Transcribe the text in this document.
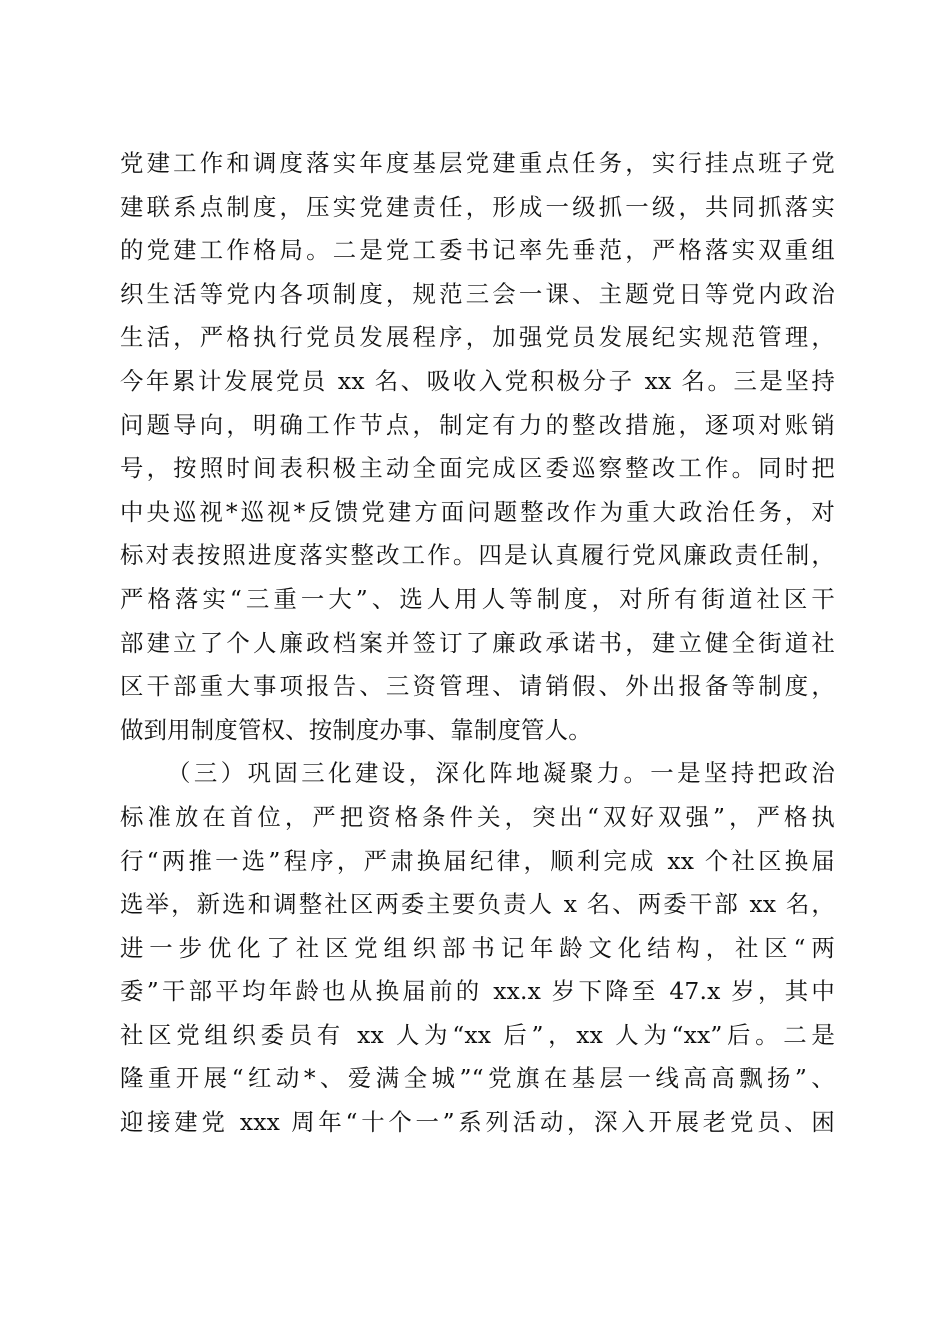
党建工作和调度落实年度基层党建重点任务，实行挂点班子党
建联系点制度，压实党建责任，形成一级抓一级，共同抓落实
的党建工作格局。二是党工委书记率先垂范，严格落实双重组
织生活等党内各项制度，规范三会一课、主题党日等党内政治
生活，严格执行党员发展程序，加强党员发展纪实规范管理，
今年累计发展党员 xx 名、吸收入党积极分子 xx 名。三是坚持
问题导向，明确工作节点，制定有力的整改措施，逐项对账销
号，按照时间表积极主动全面完成区委巡察整改工作。同时把
中央巡视*巡视*反馈党建方面问题整改作为重大政治任务，对
标对表按照进度落实整改工作。四是认真履行党风廉政责任制，
严格落实“三重一大”、选人用人等制度，对所有街道社区干
部建立了个人廉政档案并签订了廉政承诺书，建立健全街道社
区干部重大事项报告、三资管理、请销假、外出报备等制度，
做到用制度管权、按制度办事、靠制度管人。
（三）巩固三化建设，深化阵地凝聚力。一是坚持把政治
标准放在首位，严把资格条件关，突出“双好双强”，严格执
行“两推一选”程序，严肃换届纪律，顺利完成 xx 个社区换届
选举，新选和调整社区两委主要负责人 x 名、两委干部 xx 名，
进一步优化了社区党组织部书记年龄文化结构，社区“两
委”干部平均年龄也从换届前的 xx.x 岁下降至 47.x 岁，其中
社区党组织委员有 xx 人为“xx 后”，xx 人为“xx”后。二是
隆重开展“红动*、爱满全城”“党旗在基层一线高高飘扬”、
迎接建党 xxx 周年“十个一”系列活动，深入开展老党员、困
